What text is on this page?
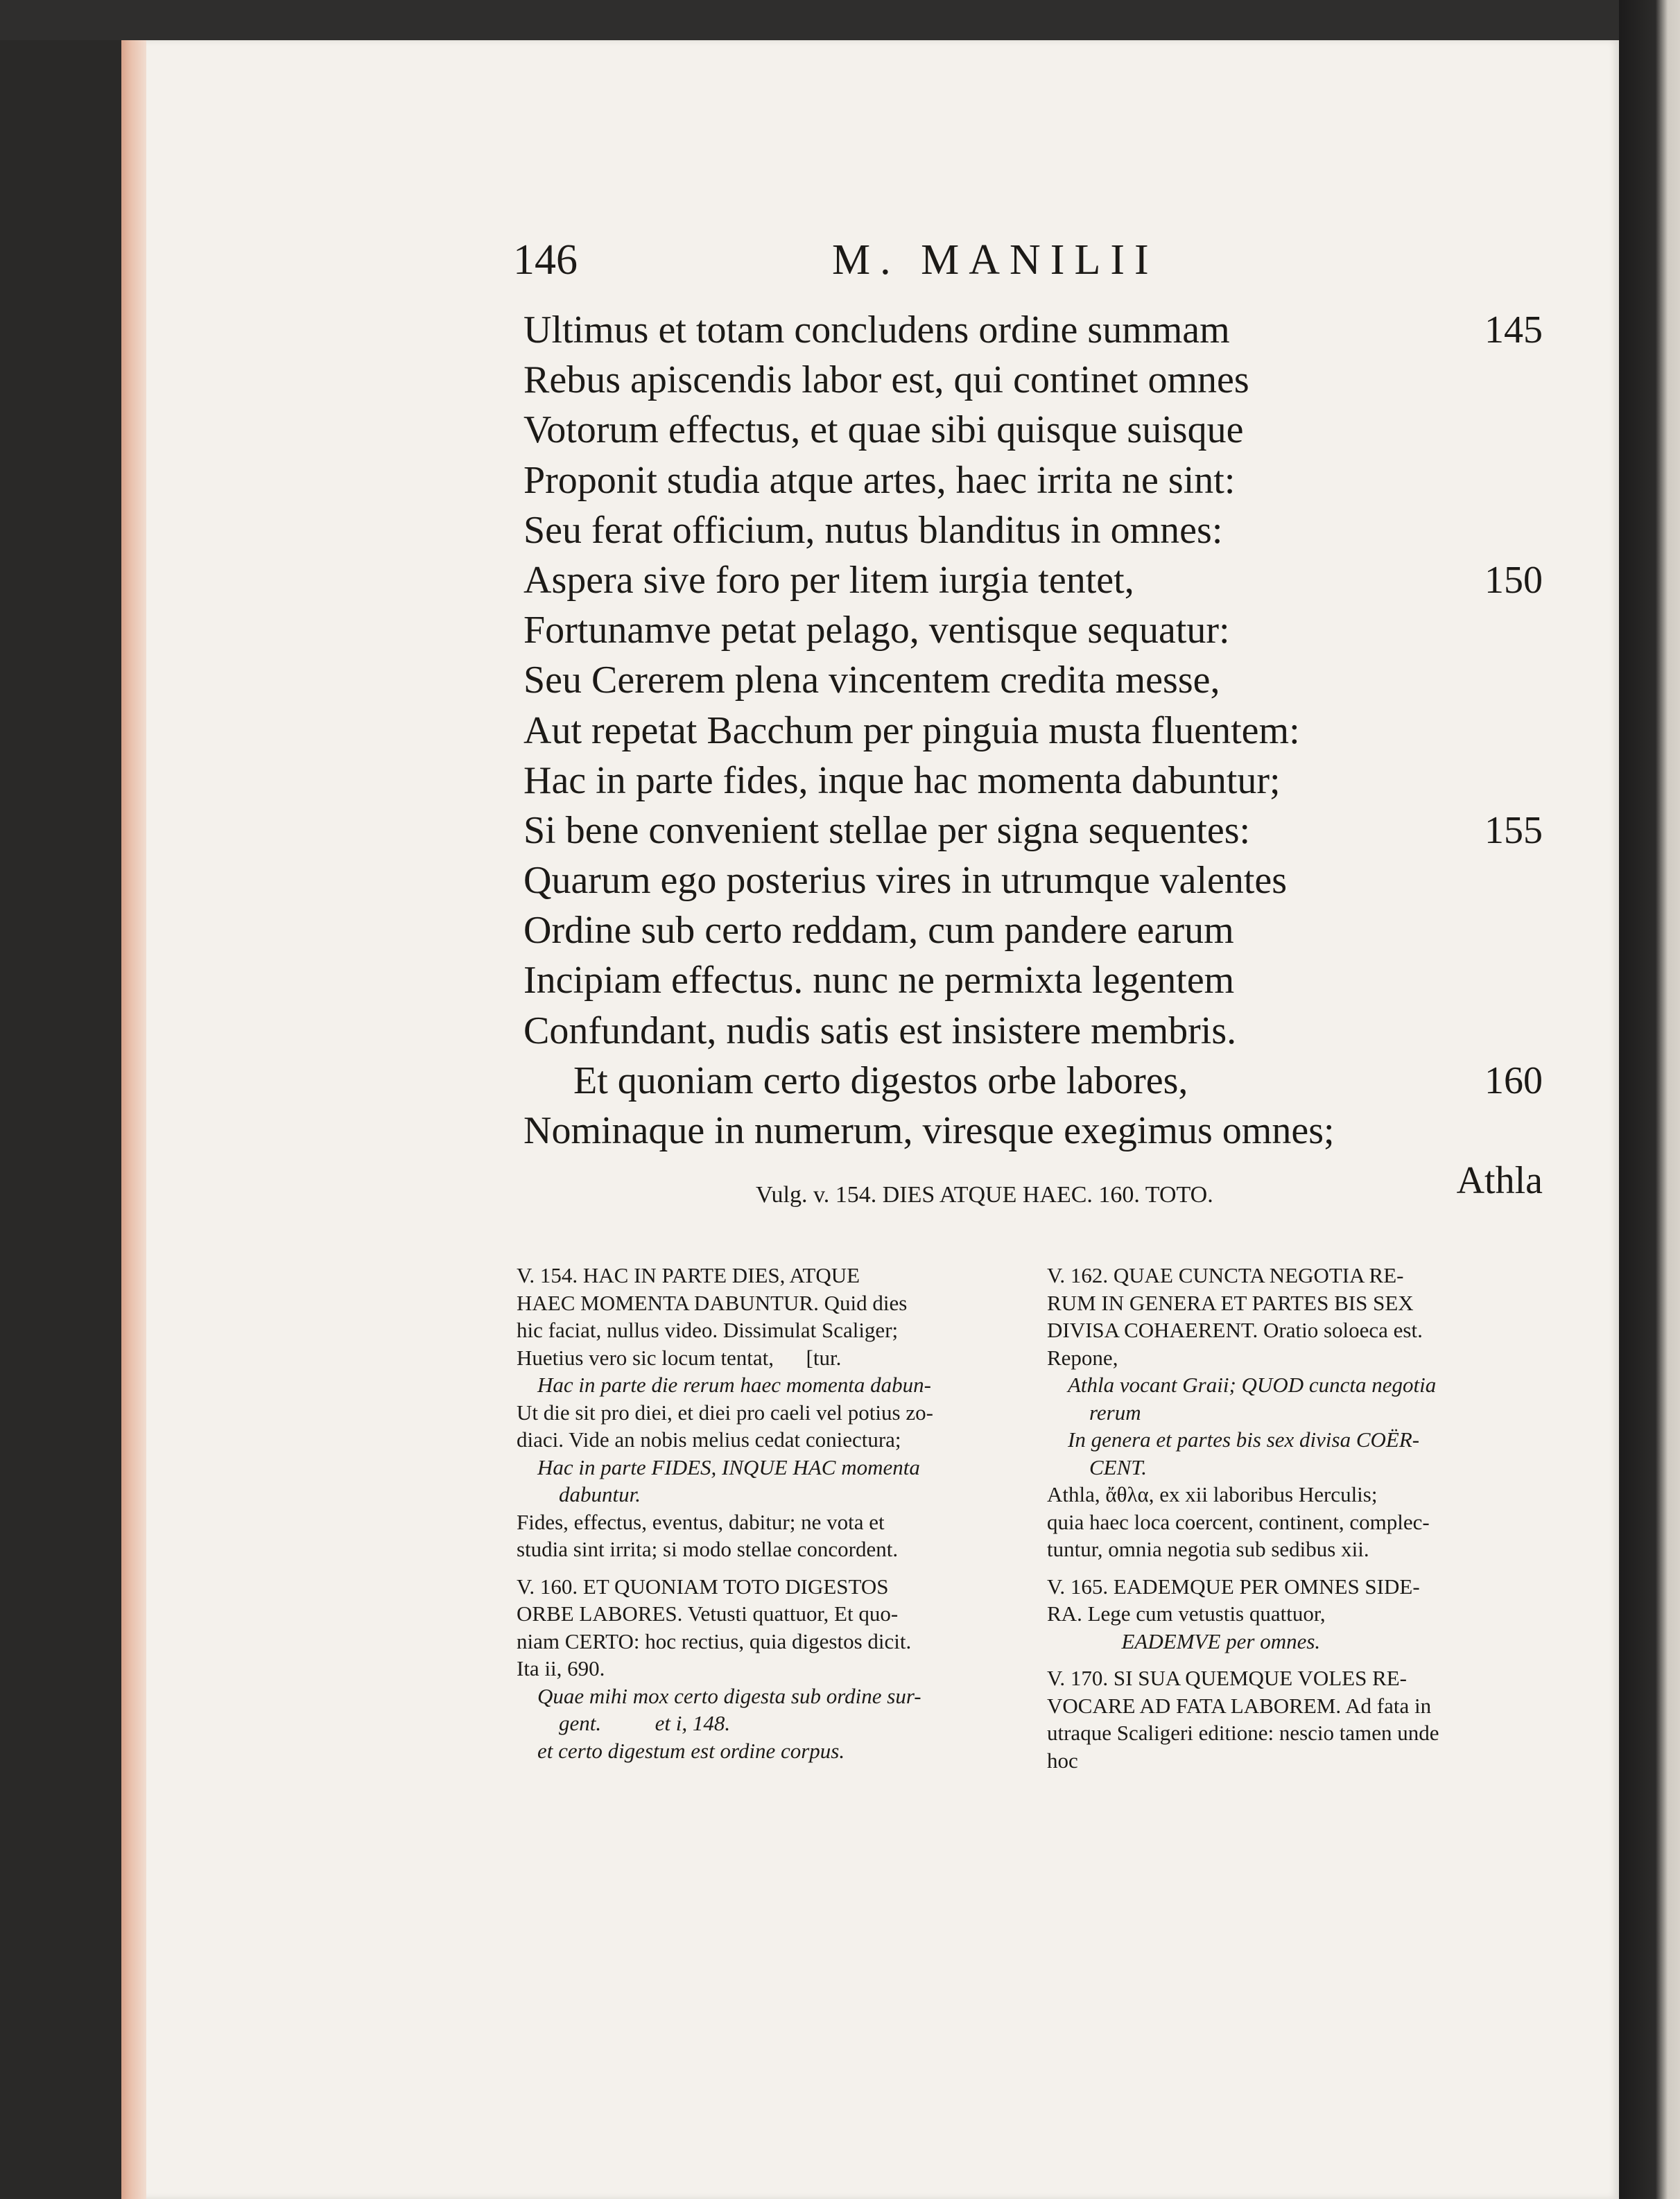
146	M. MANILII
Ultimus et totam concludens ordine summam	145
Rebus apiscendis labor est, qui continet omnes
Votorum effectus, et quae sibi quisque suisque
Proponit studia atque artes, haec irrita ne sint:
Seu ferat officium, nutus blanditus in omnes:
Aspera sive foro per litem iurgia tentet,	150
Fortunamve petat pelago, ventisque sequatur:
Seu Cererem plena vincentem credita messe,
Aut repetat Bacchum per pinguia musta fluentem:
Hac in parte fides, inque hac momenta dabuntur;
Si bene convenient stellae per signa sequentes:	155
Quarum ego posterius vires in utrumque valentes
Ordine sub certo reddam, cum pandere earum
Incipiam effectus. nunc ne permixta legentem
Confundant, nudis satis est insistere membris.
Et quoniam certo digestos orbe labores,	160
Nominaque in numerum, viresque exegimus omnes;
Athla
Vulg. v. 154. DIES ATQUE HAEC. 160. TOTO.

V. 154. HAC IN PARTE DIES, ATQUE

HAEC MOMENTA DABUNTUR. Quid dies

hic faciat, nullus video. Dissimulat Scaliger;

Huetius vero sic locum tentat,      [tur.

Hac in parte die rerum haec momenta dabun-

Ut die sit pro diei, et diei pro caeli vel potius zo-

diaci. Vide an nobis melius cedat coniectura;

Hac in parte FIDES, INQUE HAC momenta

dabuntur.

Fides, effectus, eventus, dabitur; ne vota et

studia sint irrita; si modo stellae concordent.

V. 160. ET QUONIAM TOTO DIGESTOS

ORBE LABORES. Vetusti quattuor, Et quo-

niam CERTO: hoc rectius, quia digestos dicit.

Ita ii, 690.

Quae mihi mox certo digesta sub ordine sur-

gent.          et i, 148.

et certo digestum est ordine corpus.

V. 162. QUAE CUNCTA NEGOTIA RE-

RUM IN GENERA ET PARTES BIS SEX

DIVISA COHAERENT. Oratio soloeca est.

Repone,

Athla vocant Graii; QUOD cuncta negotia

rerum

In genera et partes bis sex divisa COËR-

CENT.

Athla, ἄθλα, ex xii laboribus Herculis;

quia haec loca coercent, continent, complec-

tuntur, omnia negotia sub sedibus xii.

V. 165. EADEMQUE PER OMNES SIDE-

RA. Lege cum vetustis quattuor,

EADEMVE per omnes.

V. 170. SI SUA QUEMQUE VOLES RE-

VOCARE AD FATA LABOREM. Ad fata in

utraque Scaligeri editione: nescio tamen unde

hoc
